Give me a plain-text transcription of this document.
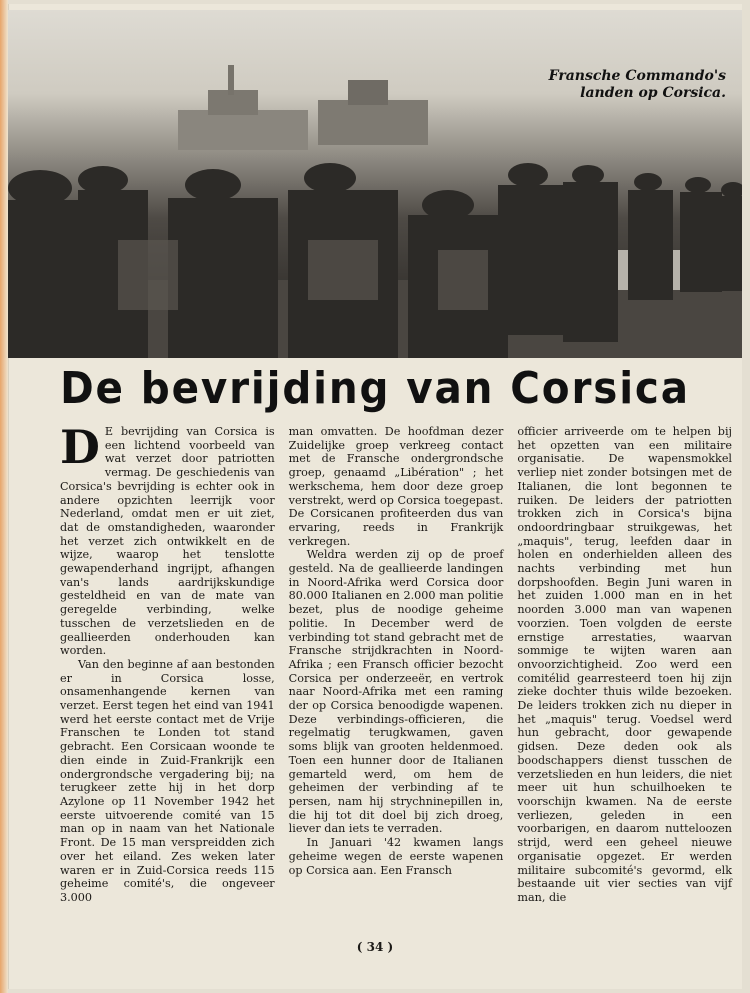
Fransche Commando's
landen op Corsica.
De bevrijding van Corsica

D E bevrijding van Corsica is een lichtend voorbeeld van wat verzet door patriotten vermag. De geschiedenis van Corsica's bevrijding is echter ook in andere opzichten leerrijk voor Nederland, omdat men er uit ziet, dat de omstandigheden, waaronder het verzet zich ontwikkelt en de wijze, waarop het tenslotte gewapenderhand ingrijpt, afhangen van's lands aardrijkskundige gesteldheid en van de mate van geregelde verbinding, welke tusschen de verzetslieden en de geallieerden onderhouden kan worden.

Van den beginne af aan bestonden er in Corsica losse, onsamenhangende kernen van verzet. Eerst tegen het eind van 1941 werd het eerste contact met de Vrije Franschen te Londen tot stand gebracht. Een Corsicaan woonde te dien einde in Zuid-Frankrijk een ondergrondsche vergadering bij; na terugkeer zette hij in het dorp Azylone op 11 November 1942 het eerste uitvoerende comité van 15 man op in naam van het Nationale Front. De 15 man verspreidden zich over het eiland. Zes weken later waren er in Zuid-Corsica reeds 115 geheime comité's, die ongeveer 3.000

man omvatten. De hoofdman dezer Zuidelijke groep verkreeg contact met de Fransche ondergrondsche groep, genaamd „Libération" ; het werkschema, hem door deze groep verstrekt, werd op Corsica toegepast. De Corsicanen profiteerden dus van ervaring, reeds in Frankrijk verkregen.

Weldra werden zij op de proef gesteld. Na de geallieerde landingen in Noord-Afrika werd Corsica door 80.000 Italianen en 2.000 man politie bezet, plus de noodige geheime politie. In December werd de verbinding tot stand gebracht met de Fransche strijdkrachten in Noord-Afrika ; een Fransch officier bezocht Corsica per onderzeeër, en vertrok naar Noord-Afrika met een raming der op Corsica benoodigde wapenen. Deze verbindings-officieren, die regelmatig terugkwamen, gaven soms blijk van grooten heldenmoed. Toen een hunner door de Italianen gemarteld werd, om hem de geheimen der verbinding af te persen, nam hij strychninepillen in, die hij tot dit doel bij zich droeg, liever dan iets te verraden.

In Januari '42 kwamen langs geheime wegen de eerste wapenen op Corsica aan. Een Fransch

officier arriveerde om te helpen bij het opzetten van een militaire organisatie. De wapensmokkel verliep niet zonder botsingen met de Italianen, die lont begonnen te ruiken. De leiders der patriotten trokken zich in Corsica's bijna ondoordringbaar struikgewas, het „maquis", terug, leefden daar in holen en onderhielden alleen des nachts verbinding met hun dorpshoofden. Begin Juni waren in het zuiden 1.000 man en in het noorden 3.000 man van wapenen voorzien. Toen volgden de eerste ernstige arrestaties, waarvan sommige te wijten waren aan onvoorzichtigheid. Zoo werd een comitélid gearresteerd toen hij zijn zieke dochter thuis wilde bezoeken. De leiders trokken zich nu dieper in het „maquis" terug. Voedsel werd hun gebracht, door gewapende gidsen. Deze deden ook als boodschappers dienst tusschen de verzetslieden en hun leiders, die niet meer uit hun schuilhoeken te voorschijn kwamen. Na de eerste verliezen, geleden in een voorbarigen, en daarom nutteloozen strijd, werd een geheel nieuwe organisatie opgezet. Er werden militaire subcomité's gevormd, elk bestaande uit vier secties van vijf man, die

( 34 )
